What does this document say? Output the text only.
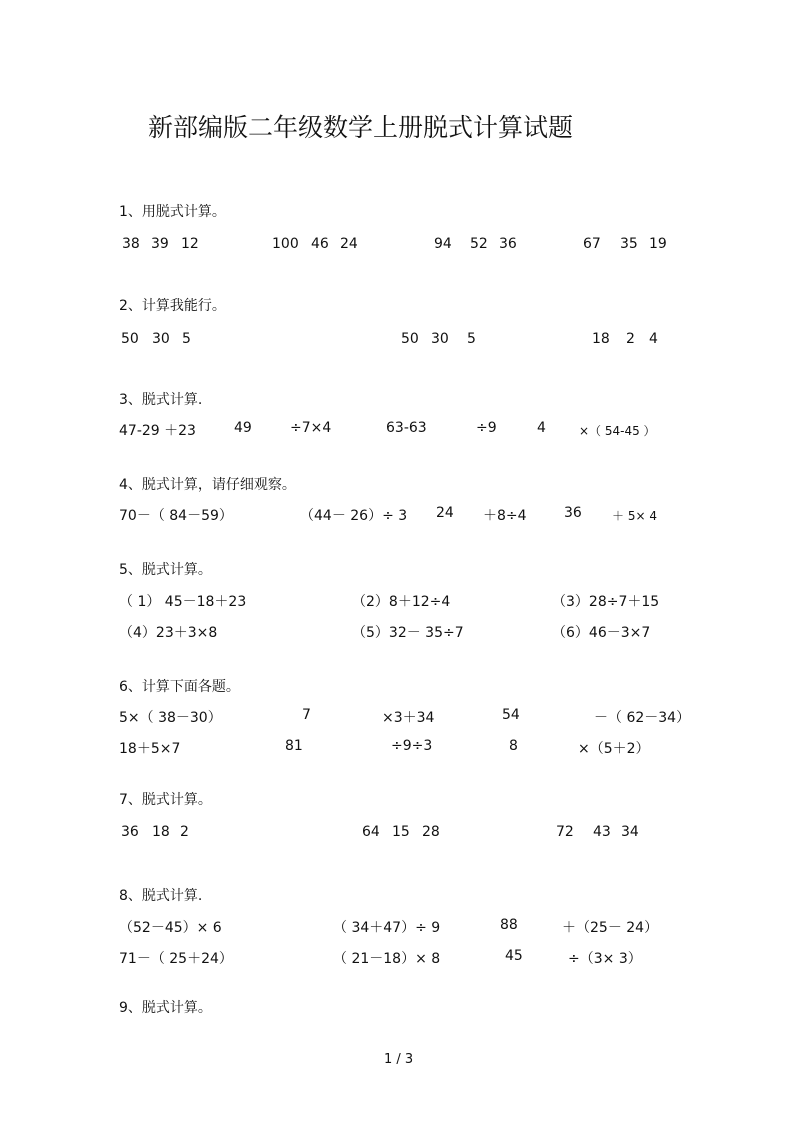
新部编版二年级数学上册脱式计算试题
1、用脱式计算。
38 39 12	100 46 24	94 52 36	67 35 19
2、计算我能行。
50 30 5	50 30 5	18 2 4
3、脱式计算.
47-29 ＋23	49	÷7×4	63-63	÷9	4	×（ 54-45 ）
4、脱式计算，请仔细观察。
70－（ 84－59）	（44－ 26）÷ 3 24 ＋8÷4	36	＋ 5× 4
5、脱式计算。
（ 1） 45－18＋23	（2）8＋12÷4	（3）28÷7＋15
（4）23＋3×8	（5）32－ 35÷7	（6）46－3×7
6、计算下面各题。
5×（ 38－30）	7	×3＋34	54	－（ 62－34）
18＋5×7	81	÷9÷3	8	×（5＋2）
7、脱式计算。
36 18 2	64 15 28	72 43 34
8、脱式计算.
（52－45）× 6	（ 34＋47）÷ 9	88	＋（25－ 24）
71－（ 25＋24）	（ 21－18）× 8	45	÷（3× 3）
9、脱式计算。
1 / 3
